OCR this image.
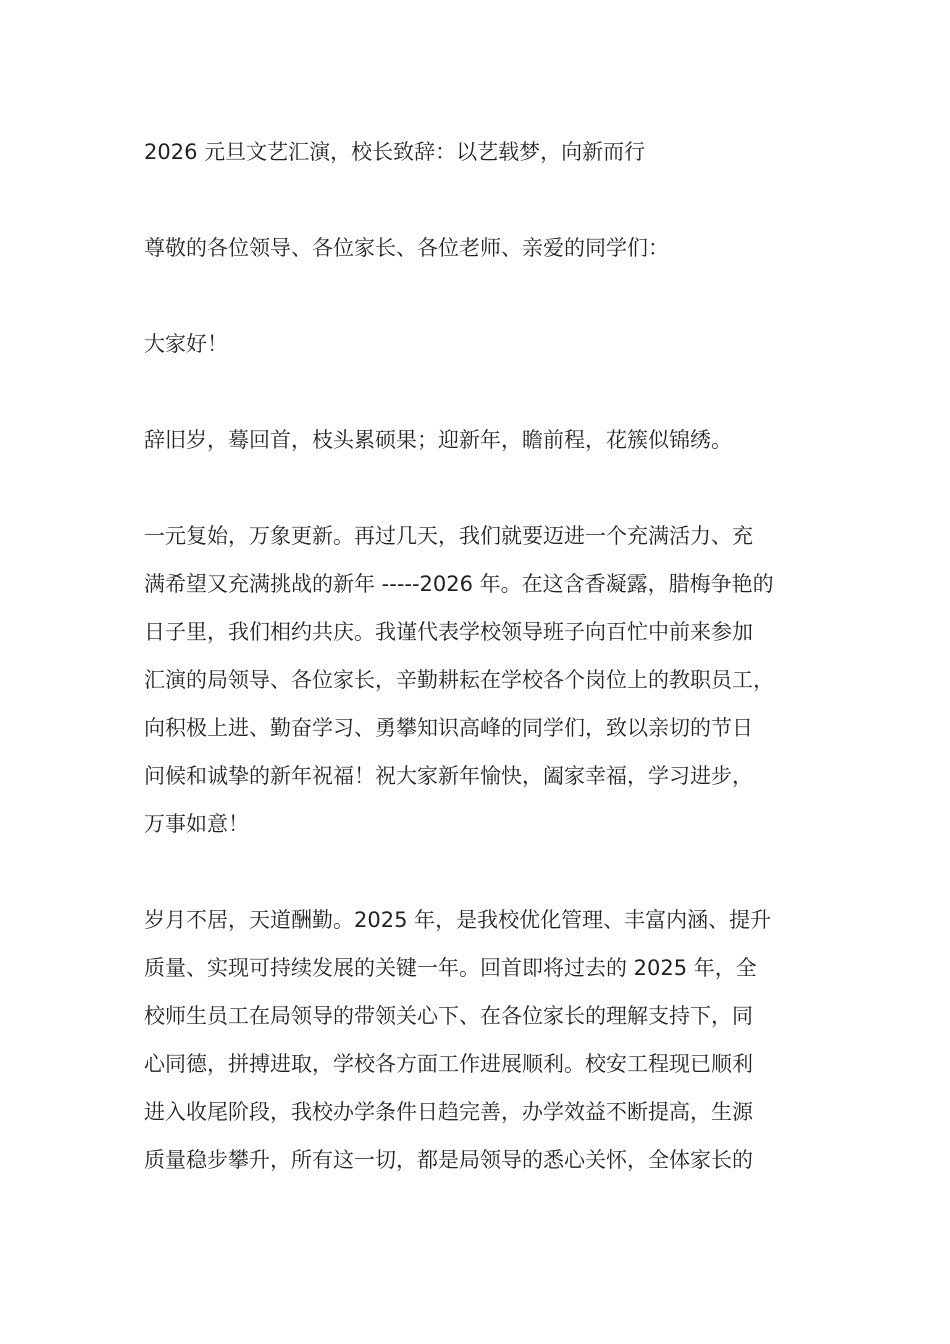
2026 元旦文艺汇演，校长致辞：以艺载梦，向新而行

尊敬的各位领导、各位家长、各位老师、亲爱的同学们：

大家好！

辞旧岁，蓦回首，枝头累硕果；迎新年，瞻前程，花簇似锦绣。

一元复始，万象更新。再过几天，我们就要迈进一个充满活力、充
满希望又充满挑战的新年 -----2026 年。在这含香凝露，腊梅争艳的
日子里，我们相约共庆。我谨代表学校领导班子向百忙中前来参加
汇演的局领导、各位家长，辛勤耕耘在学校各个岗位上的教职员工，
向积极上进、勤奋学习、勇攀知识高峰的同学们，致以亲切的节日
问候和诚挚的新年祝福！祝大家新年愉快，阖家幸福，学习进步，
万事如意！

岁月不居，天道酬勤。2025 年，是我校优化管理、丰富内涵、提升
质量、实现可持续发展的关键一年。回首即将过去的 2025 年，全
校师生员工在局领导的带领关心下、在各位家长的理解支持下，同
心同德，拼搏进取，学校各方面工作进展顺利。校安工程现已顺利
进入收尾阶段，我校办学条件日趋完善，办学效益不断提高，生源
质量稳步攀升，所有这一切，都是局领导的悉心关怀，全体家长的
